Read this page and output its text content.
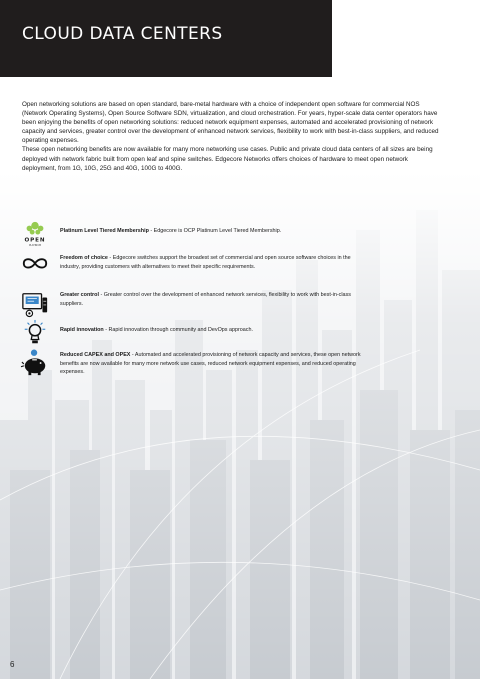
CLOUD DATA CENTERS

Open networking solutions are based on open standard, bare-metal hardware with a choice of independent open software for commercial NOS (Network Operating Systems), Open Source Software SDN, virtualization, and cloud orchestration. For years, hyper-scale data center operators have been enjoying the benefits of open networking solutions: reduced network equipment expenses, automated and accelerated provisioning of network capacity and services, greater control over the development of enhanced network services, flexibility to work with best-in-class suppliers, and reduced operating expenses.

These open networking benefits are now available for many more networking use cases. Public and private cloud data centers of all sizes are being deployed with network fabric built from open leaf and spine switches. Edgecore Networks offers choices of hardware to meet open network deployment, from 1G, 10G, 25G and 40G, 100G to 400G.

OPEN
PLATINUM
Platinum Level Tiered Membership - Edgecore is OCP Platinum Level Tiered Membership.
Freedom of choice - Edgecore switches support the broadest set of commercial and open source software choices in the industry, providing customers with alternatives to meet their specific requirements.
Greater control - Greater control over the development of enhanced network services, flexibility to work with best-in-class suppliers.
Rapid innovation - Rapid innovation through community and DevOps approach.
Reduced CAPEX and OPEX - Automated and accelerated provisioning of network capacity and services, these open network benefits are now available for many more network use cases, reduced network equipment expenses, and reduced operating expenses.
6
